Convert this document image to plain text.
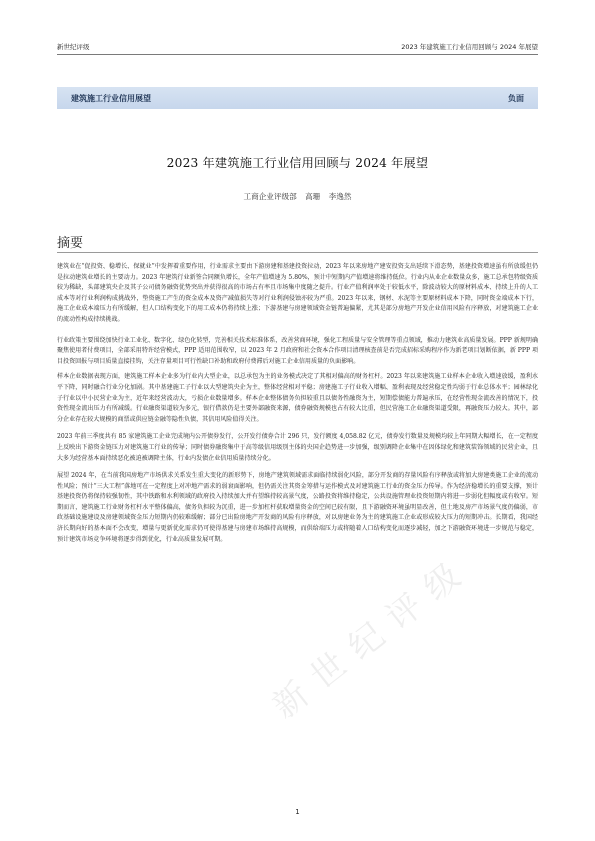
新世纪评级	2023 年建筑施工行业信用回顾与 2024 年展望
建筑施工行业信用展望	负面
2023 年建筑施工行业信用回顾与 2024 年展望
工商企业评级部 高珊 李逸然
摘要

建筑业在“促投资、稳增长、保就业”中发挥着重要作用，行业需求主要由下游房建和基建投资拉动，2023 年以来房地产建安投资支出延续下滑态势，基建投资增速虽有所放缓但仍是拉动建筑业增长的主要动力。2023 年建筑行业新签合同额负增长，全年产值增速为 5.80%，预计中短期内产值增速将维持低位。行业内从业企业数量众多，施工总承包特级资质较为稀缺，头部建筑央企及其子公司债务融资优势突出并获得很高的市场占有率且市场集中度随之提升。行业产值利润率处于较低水平，除波动较大的原材料成本、持续上升的人工成本等对行业利润构成挑战外，垫资施工产生的资金成本及资产减值损失等对行业利润侵蚀亦较为严重。2023 年以来，钢材、水泥等主要原材料成本下降，同时资金端成本下行，施工企业成本端压力有所缓解，但人口结构变化下的用工成本仍将持续上涨；下游基建与房建领域资金链普遍偏紧，尤其是部分房地产开发企业信用风险有序释放，对建筑施工企业的流动性构成持续挑战。

行业政策主要围绕加快行业工业化、数字化、绿色化转型，完善相关技术标准体系，改善营商环境，强化工程质量与安全管理等重点领域，推动力建筑业高质量发展。PPP 新规明确聚焦使用者付费项目，全部采用特许经营模式，PPP 适用范围收窄，以 2023 年 2 月政府和社会资本合作项目清理核查前是否完成招标采购程序作为新老项目划断依据，新 PPP 项目投资回报与项目质量直接挂钩，关注存量项目可行性缺口补助和政府付费滞后对施工企业信用质量的负面影响。

样本企业数据表现方面，建筑施工样本企业多为行业内大型企业，以总承包为主的业务模式决定了其相对偏高的财务杠杆。2023 年以来建筑施工业样本企业收入增速放缓，盈利水平下降，同时融合行业分化加剧。其中基建施工子行业以大型建筑央企为主，整体经营相对平稳；房建施工子行业收入增幅、盈利表现及经营稳定性均弱于行业总体水平；园林绿化子行业以中小民营企业为主，近年来经营波动大，亏损企业数量增多。样本企业整体债务负担较重且以债务性融资为主，短期偿债能力普遍承压，在经营性现金流改善的情况下，投资性现金流出压力有所减缓。行业融资渠道较为多元，银行借款仍是主要外部融资来源，债券融资规模也占有较大比重，但民营施工企业融资渠道受限，再融资压力较大。其中，部分企业存在较大规模的商票或供应链金融等隐性负债，其信用风险值得关注。

2023 年前三季度共有 85 家建筑施工企业完成境内公开债券发行，公开发行债券合计 296 只，发行额度 4,058.82 亿元，债券发行数量及规模均较上年同期大幅增长，在一定程度上反映出下游资金链压力对建筑施工行业的传导；同时债券融资集中于高等级信用级别主体的央国企趋势进一步加强，级别调降企业集中在因体绿化和建筑装饰领域的民营企业，且大多为经营基本面持续恶化被迫被调降主体，行业内发债企业信用质量持续分化。

展望 2024 年，在当前我国房地产市场供求关系发生重大变化的新形势下，房地产建筑领域需求面临持续弱化风险，部分开发商的存量风险有序释放或将加大房建类施工企业的流动性风险；预计“三大工程”落地可在一定程度上对冲地产需求的弱衰面影响，但仍需关注其资金筹措与运作模式及对建筑施工行业的资金压力传导。作为经济稳增长的重要支撑，预计基建投资仍将保持较强韧性，其中铁路和水利领域的政府投入持续加大并有望维持较高景气度，公路投资将维持稳定，公共设施管理业投资短期内将进一步弱化但幅度或有收窄。短期而言，建筑施工行业财务杠杆水平整体偏高，债务负担较为沉重，进一步加杠杆获取增量资金的空间已较有限，且下游融资环境虽明显改善，但土地及房产市场景气度仍偏弱，市政基础设施建设及房建领域资金压力短期内仍较难缓解；部分已出险房地产开发商的风险有序释放，对以房建业务为主的建筑施工企业或形成较大压力的短期冲击。长期看，我国经济长期向好的基本面不会改变，增量与更新优化需求仍可使得基建与房建市场维持高规模，而供给端压力或将随着人口结构变化而逐步减轻，加之下游融资环境进一步规范与稳定，预计建筑市场竞争环境将逐步得到优化，行业高质量发展可期。

新世纪评级
1
